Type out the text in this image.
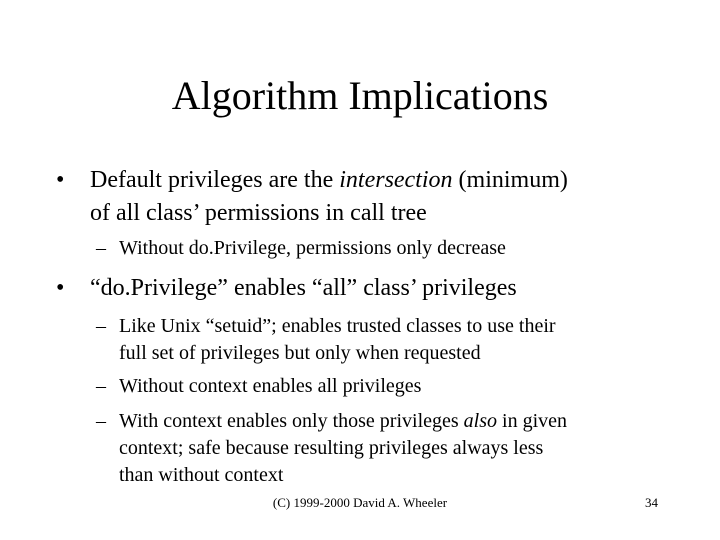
Algorithm Implications
• Default privileges are the intersection (minimum)
of all class’ permissions in call tree
– Without do.Privilege, permissions only decrease
• “do.Privilege” enables “all” class’ privileges
– Like Unix “setuid”; enables trusted classes to use their
full set of privileges but only when requested
– Without context enables all privileges
– With context enables only those privileges also in given
context; safe because resulting privileges always less
than without context
(C) 1999-2000 David A. Wheeler	34
